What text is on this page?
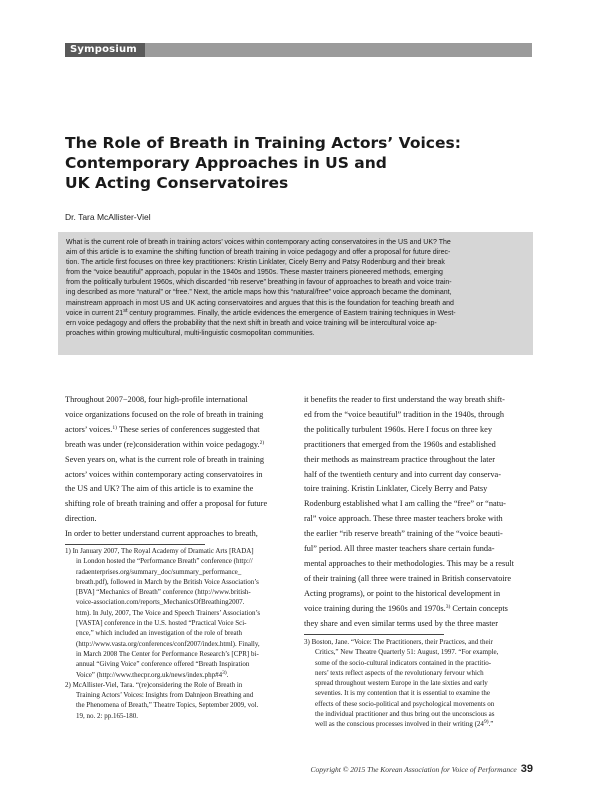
Symposium
The Role of Breath in Training Actors’ Voices:
Contemporary Approaches in US and
UK Acting Conservatoires
Dr. Tara McAllister-Viel
What is the current role of breath in training actors’ voices within contemporary acting conservatoires in the US and UK? The
aim of this article is to examine the shifting function of breath training in voice pedagogy and offer a proposal for future direc-
tion. The article first focuses on three key practitioners: Kristin Linklater, Cicely Berry and Patsy Rodenburg and their break
from the “voice beautiful” approach, popular in the 1940s and 1950s. These master trainers pioneered methods, emerging
from the politically turbulent 1960s, which discarded “rib reserve” breathing in favour of approaches to breath and voice train-
ing described as more “natural” or “free.” Next, the article maps how this “natural/free” voice approach became the dominant,
mainstream approach in most US and UK acting conservatoires and argues that this is the foundation for teaching breath and
voice in current 21st century programmes. Finally, the article evidences the emergence of Eastern training techniques in West-
ern voice pedagogy and offers the probability that the next shift in breath and voice training will be intercultural voice ap-
proaches within growing multicultural, multi-linguistic cosmopolitan communities.
Throughout 2007−2008, four high-profile international
voice organizations focused on the role of breath in training
actors’ voices.$^{1)}$ These series of conferences suggested that
breath was under (re)consideration within voice pedagogy.$^{2)}$
Seven years on, what is the current role of breath in training
actors’ voices within contemporary acting conservatoires in
the US and UK? The aim of this article is to examine the
shifting role of breath training and offer a proposal for future
direction.
In order to better understand current approaches to breath,
1) In January 2007, The Royal Academy of Dramatic Arts [RADA]
in London hosted the “Performance Breath” conference (http://
radaenterprises.org/summary_doc/summary_performance_
breath.pdf), followed in March by the British Voice Association’s
[BVA] “Mechanics of Breath” conference (http://www.british-
voice-association.com/reports_MechanicsOfBreathing2007.
htm). In July, 2007, The Voice and Speech Trainers’ Association’s
[VASTA] conference in the U.S. hosted “Practical Voice Sci-
ence,” which included an investigation of the role of breath
(http://www.vasta.org/conferences/conf2007/index.html). Finally,
in March 2008 The Center for Performance Research’s [CPR] bi-
annual “Giving Voice” conference offered “Breath Inspiration
Voice” (http://www.thecpr.org.uk/news/index.php#4$^{3)}$.
2) McAllister-Viel, Tara. “(re)considering the Role of Breath in
Training Actors’ Voices: Insights from Dahnjeon Breathing and
the Phenomena of Breath,” Theatre Topics, September 2009, vol.
19, no. 2: pp.165-180.
it benefits the reader to first understand the way breath shift-
ed from the “voice beautiful” tradition in the 1940s, through
the politically turbulent 1960s. Here I focus on three key
practitioners that emerged from the 1960s and established
their methods as mainstream practice throughout the later
half of the twentieth century and into current day conserva-
toire training. Kristin Linklater, Cicely Berry and Patsy
Rodenburg established what I am calling the “free” or “natu-
ral” voice approach. These three master teachers broke with
the earlier “rib reserve breath” training of the “voice beauti-
ful” period. All three master teachers share certain funda-
mental approaches to their methodologies. This may be a result
of their training (all three were trained in British conservatoire
Acting programs), or point to the historical development in
voice training during the 1960s and 1970s.$^{3)}$ Certain concepts
they share and even similar terms used by the three master
3) Boston, Jane. “Voice: The Practitioners, their Practices, and their
Critics,” New Theatre Quarterly 51: August, 1997. “For example,
some of the socio-cultural indicators contained in the practitio-
ners’ texts reflect aspects of the revolutionary fervour which
spread throughout western Europe in the late sixties and early
seventies. It is my contention that it is essential to examine the
effects of these socio-political and psychological movements on
the individual practitioner and thus bring out the unconscious as
well as the conscious processes involved in their writing (24$^{9)}$.”
Copyright © 2015 The Korean Association for Voice of Performance 39
